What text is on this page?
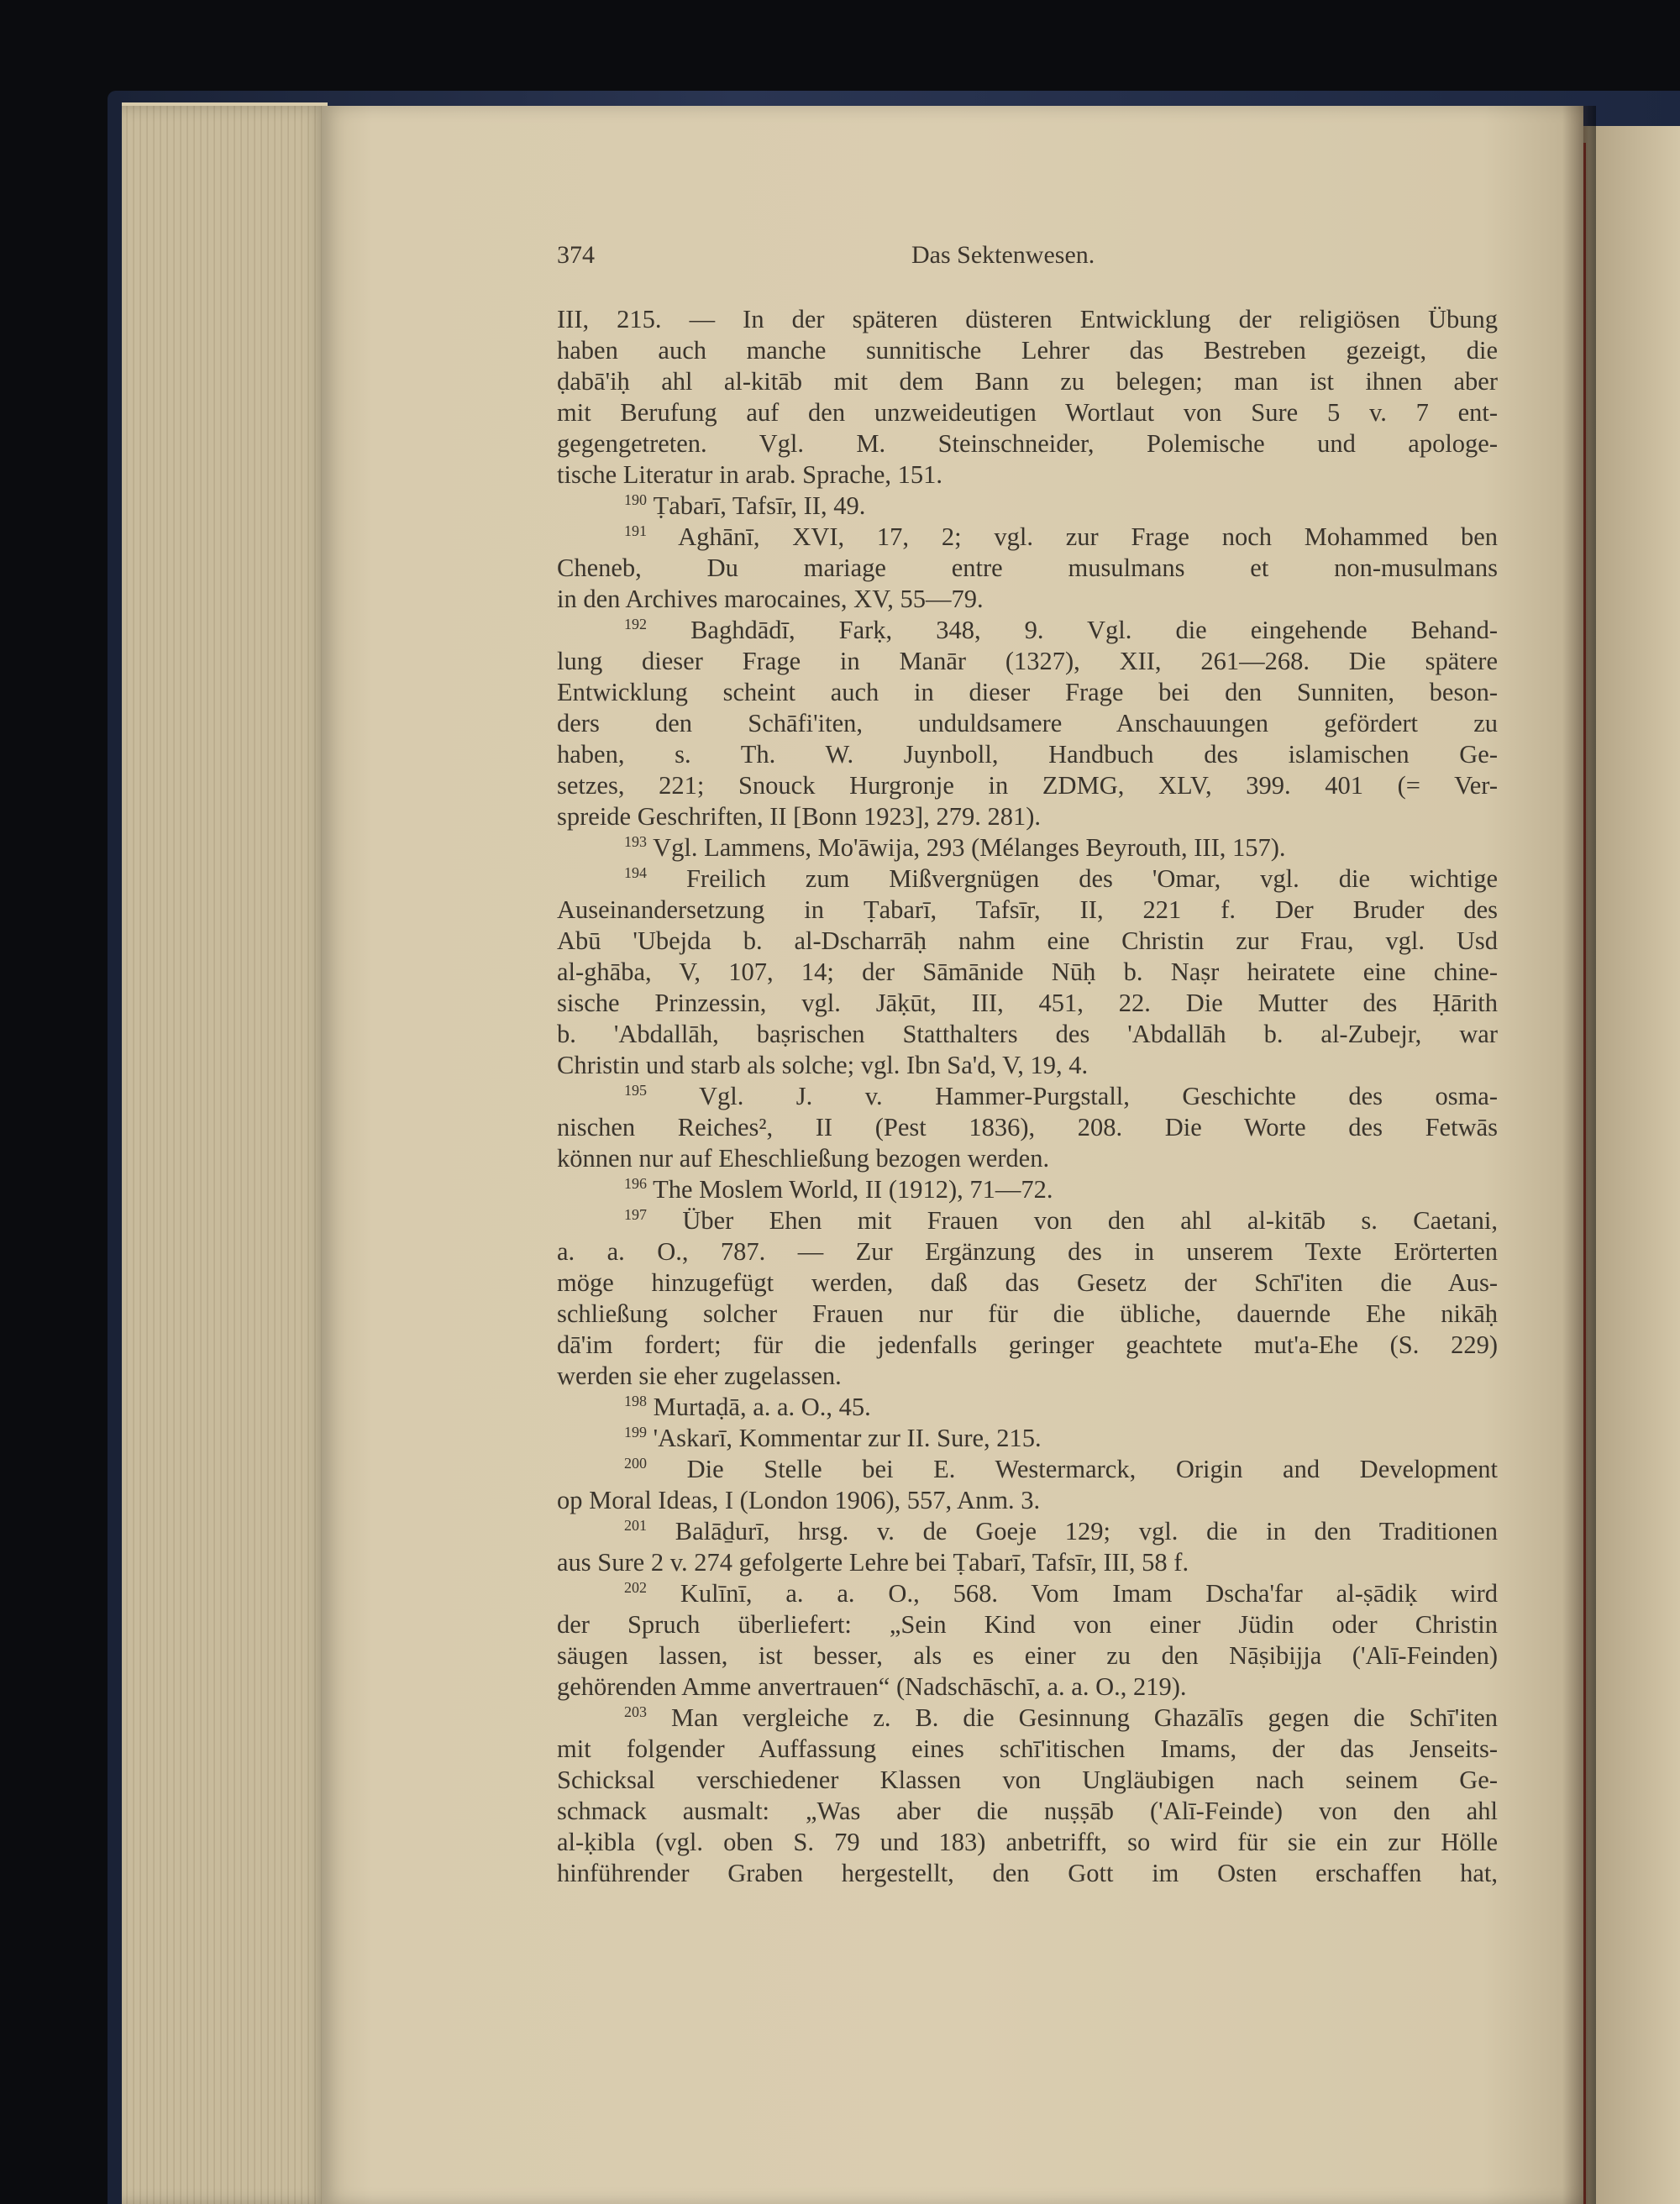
374	Das Sektenwesen.
III, 215. — In der späteren düsteren Entwicklung der religiösen Übung
haben auch manche sunnitische Lehrer das Bestreben gezeigt, die
ḍabā'iḥ ahl al-kitāb mit dem Bann zu belegen; man ist ihnen aber
mit Berufung auf den unzweideutigen Wortlaut von Sure 5 v. 7 ent-
gegengetreten. Vgl. M. Steinschneider, Polemische und apologe-
tische Literatur in arab. Sprache, 151.
$^{190}$ Ṭabarī, Tafsīr, II, 49.
$^{191}$ Aghānī, XVI, 17, 2; vgl. zur Frage noch Mohammed ben
Cheneb, Du mariage entre musulmans et non-musulmans
in den Archives marocaines, XV, 55—79.
$^{192}$ Baghdādī, Farḳ, 348, 9. Vgl. die eingehende Behand-
lung dieser Frage in Manār (1327), XII, 261—268. Die spätere
Entwicklung scheint auch in dieser Frage bei den Sunniten, beson-
ders den Schāfi'iten, unduldsamere Anschauungen gefördert zu
haben, s. Th. W. Juynboll, Handbuch des islamischen Ge-
setzes, 221; Snouck Hurgronje in ZDMG, XLV, 399. 401 (= Ver-
spreide Geschriften, II [Bonn 1923], 279. 281).
$^{193}$ Vgl. Lammens, Mo'āwija, 293 (Mélanges Beyrouth, III, 157).
$^{194}$ Freilich zum Mißvergnügen des 'Omar, vgl. die wichtige
Auseinandersetzung in Ṭabarī, Tafsīr, II, 221 f. Der Bruder des
Abū 'Ubejda b. al-Dscharrāḥ nahm eine Christin zur Frau, vgl. Usd
al-ghāba, V, 107, 14; der Sāmānide Nūḥ b. Naṣr heiratete eine chine-
sische Prinzessin, vgl. Jāḳūt, III, 451, 22. Die Mutter des Ḥārith
b. 'Abdallāh, baṣrischen Statthalters des 'Abdallāh b. al-Zubejr, war
Christin und starb als solche; vgl. Ibn Sa'd, V, 19, 4.
$^{195}$ Vgl. J. v. Hammer-Purgstall, Geschichte des osma-
nischen Reiches², II (Pest 1836), 208. Die Worte des Fetwās
können nur auf Eheschließung bezogen werden.
$^{196}$ The Moslem World, II (1912), 71—72.
$^{197}$ Über Ehen mit Frauen von den ahl al-kitāb s. Caetani,
a. a. O., 787. — Zur Ergänzung des in unserem Texte Erörterten
möge hinzugefügt werden, daß das Gesetz der Schī'iten die Aus-
schließung solcher Frauen nur für die übliche, dauernde Ehe nikāḥ
dā'im fordert; für die jedenfalls geringer geachtete mut'a-Ehe (S. 229)
werden sie eher zugelassen.
$^{198}$ Murtaḍā, a. a. O., 45.
$^{199}$ 'Askarī, Kommentar zur II. Sure, 215.
$^{200}$ Die Stelle bei E. Westermarck, Origin and Development
op Moral Ideas, I (London 1906), 557, Anm. 3.
$^{201}$ Balāḏurī, hrsg. v. de Goeje 129; vgl. die in den Traditionen
aus Sure 2 v. 274 gefolgerte Lehre bei Ṭabarī, Tafsīr, III, 58 f.
$^{202}$ Kulīnī, a. a. O., 568. Vom Imam Dscha'far al-ṣādiḳ wird
der Spruch überliefert: „Sein Kind von einer Jüdin oder Christin
säugen lassen, ist besser, als es einer zu den Nāṣibijja ('Alī-Feinden)
gehörenden Amme anvertrauen“ (Nadschāschī, a. a. O., 219).
$^{203}$ Man vergleiche z. B. die Gesinnung Ghazālīs gegen die Schī'iten
mit folgender Auffassung eines schī'itischen Imams, der das Jenseits-
Schicksal verschiedener Klassen von Ungläubigen nach seinem Ge-
schmack ausmalt: „Was aber die nuṣṣāb ('Alī-Feinde) von den ahl
al-ḳibla (vgl. oben S. 79 und 183) anbetrifft, so wird für sie ein zur Hölle
hinführender Graben hergestellt, den Gott im Osten erschaffen hat,
